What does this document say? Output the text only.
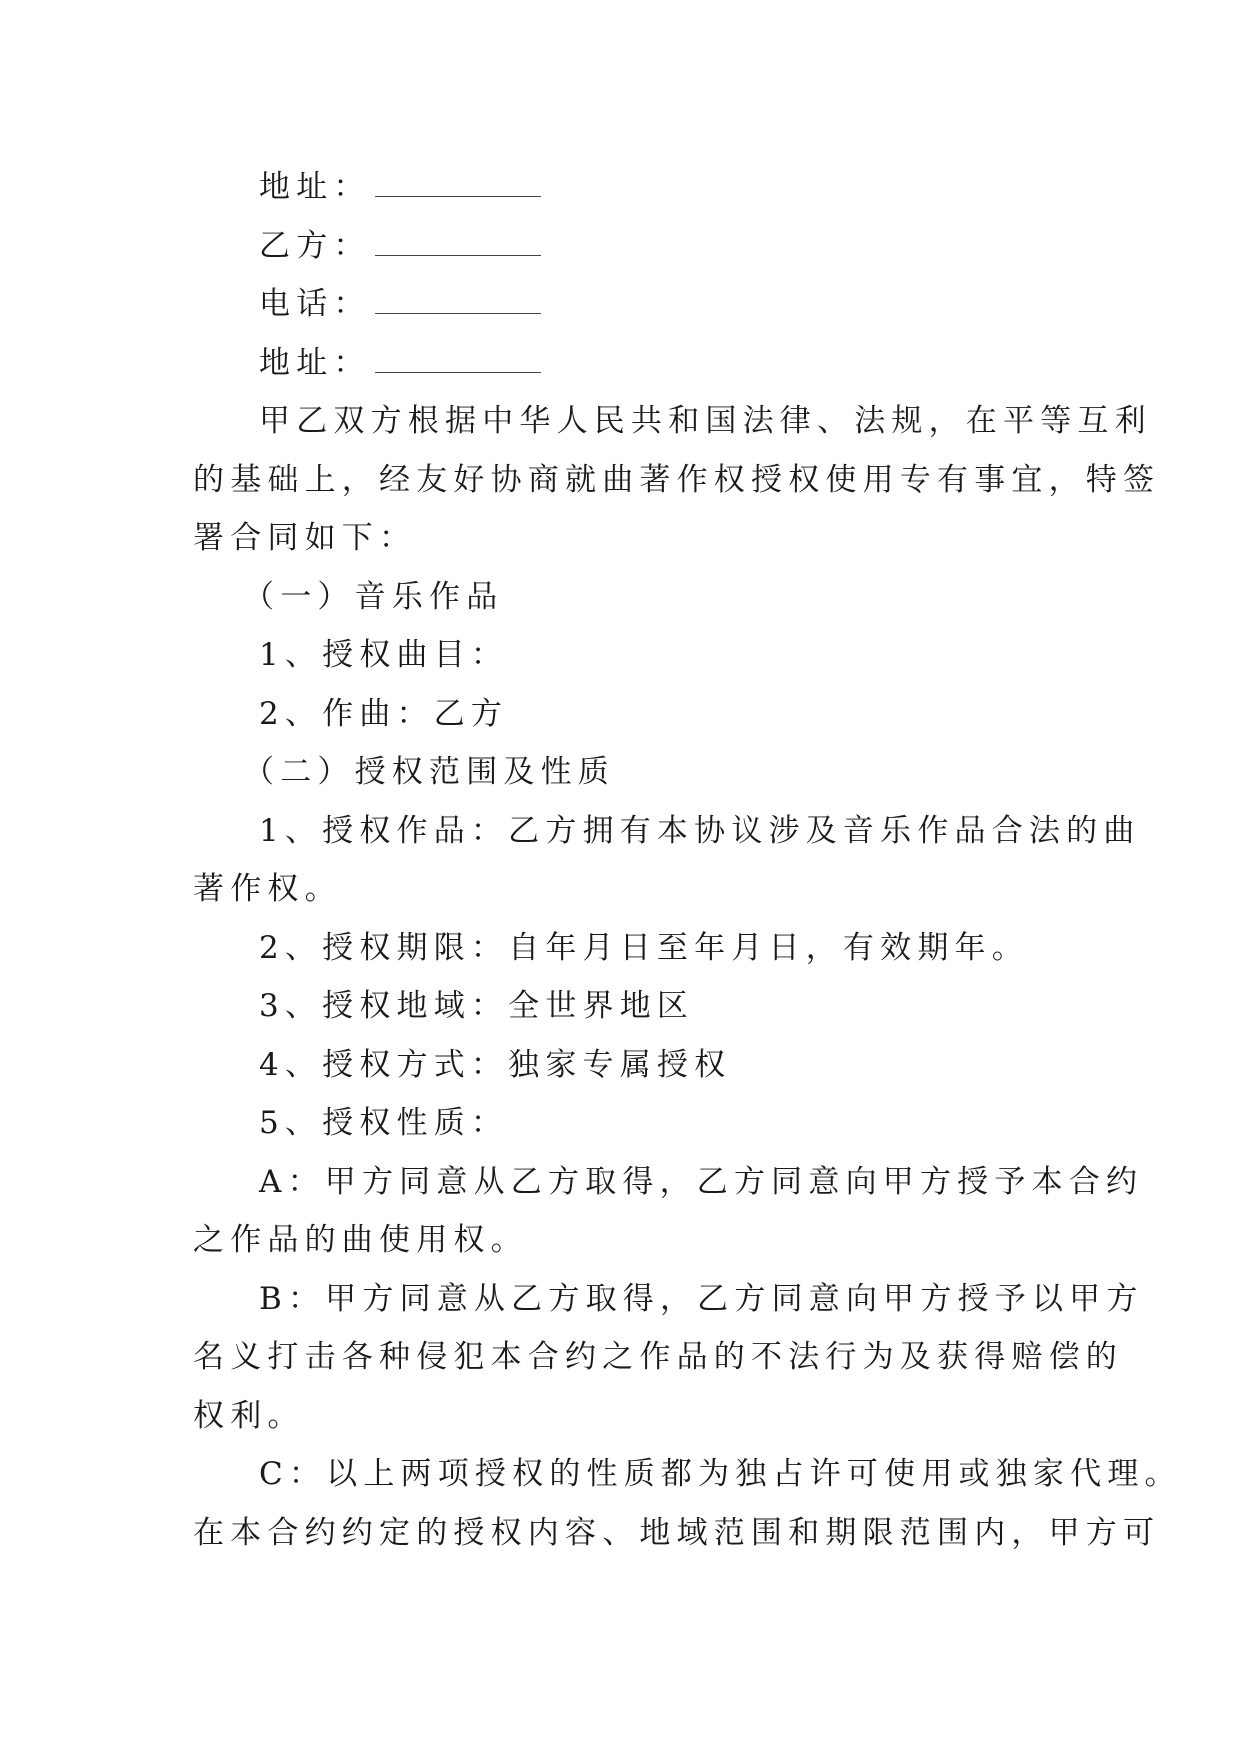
地址：

乙方：

电话：

地址：

甲乙双方根据中华人民共和国法律、法规，在平等互利

的基础上，经友好协商就曲著作权授权使用专有事宜，特签

署合同如下：

（一）音乐作品

1、授权曲目：

2、作曲：乙方

（二）授权范围及性质

1、授权作品：乙方拥有本协议涉及音乐作品合法的曲

著作权。

2、授权期限：自年月日至年月日，有效期年。

3、授权地域：全世界地区

4、授权方式：独家专属授权

5、授权性质：

A：甲方同意从乙方取得，乙方同意向甲方授予本合约

之作品的曲使用权。

B：甲方同意从乙方取得，乙方同意向甲方授予以甲方

名义打击各种侵犯本合约之作品的不法行为及获得赔偿的

权利。

C：以上两项授权的性质都为独占许可使用或独家代理。

在本合约约定的授权内容、地域范围和期限范围内，甲方可
